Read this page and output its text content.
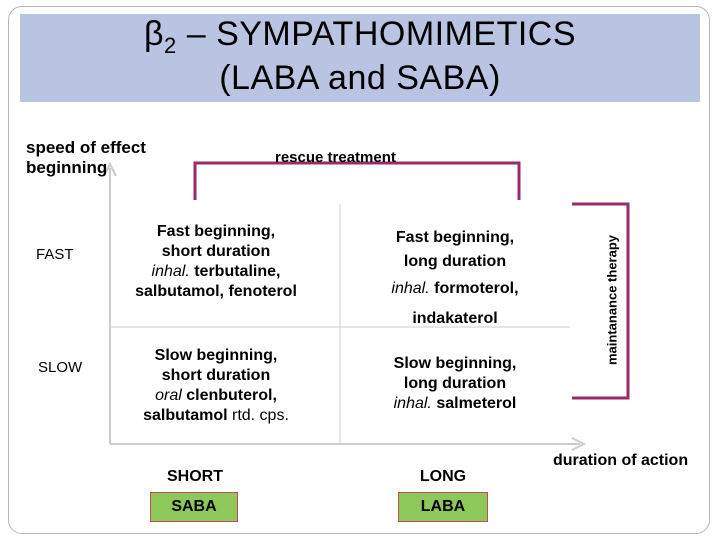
$\beta_2$ – SYMPATHOMIMETICS
(LABA and SABA)
speed of effect beginning
rescue treatment
maintanance therapy
FAST
SLOW
Fast beginning,
short duration
inhal. terbutaline,
salbutamol, fenoterol
Fast beginning,
long duration
inhal. formoterol,
indakaterol
Slow beginning,
short duration
oral clenbuterol,
salbutamol rtd. cps.
Slow beginning,
long duration
inhal. salmeterol
SHORT	LONG
SABA	LABA
duration of action
